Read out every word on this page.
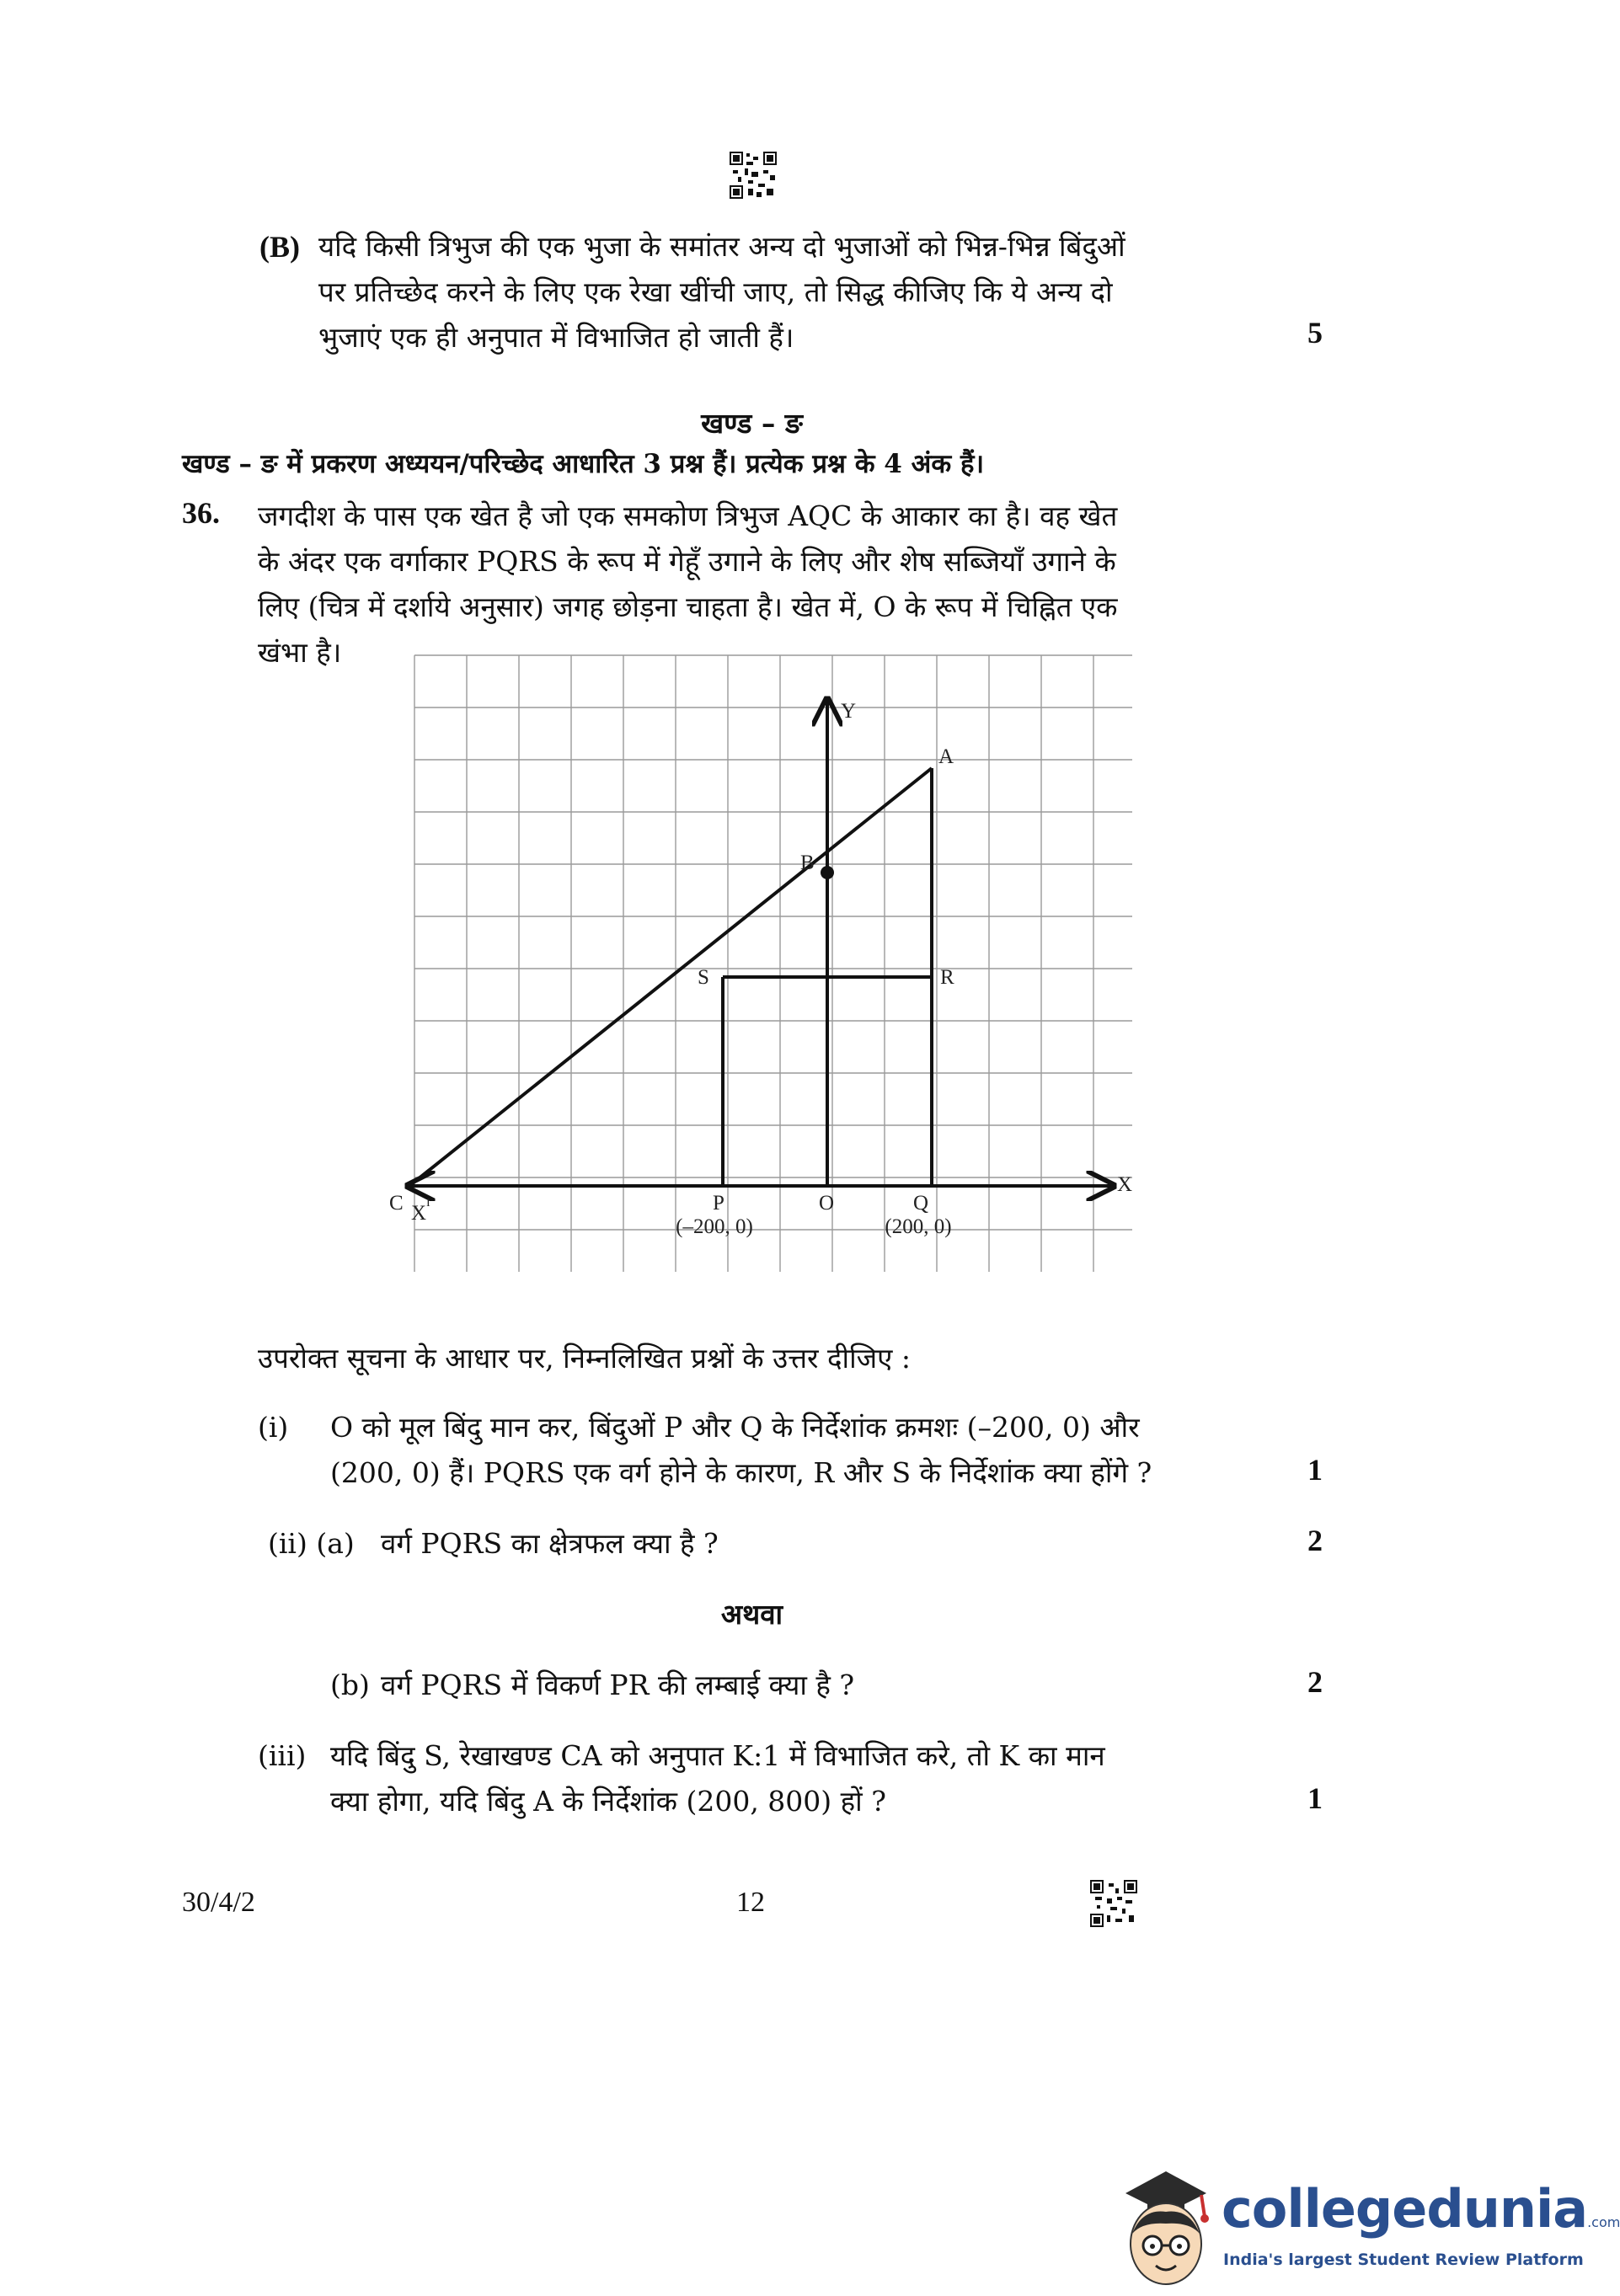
(B) यदि किसी त्रिभुज की एक भुजा के समांतर अन्य दो भुजाओं को भिन्न-भिन्न बिंदुओं
पर प्रतिच्छेद करने के लिए एक रेखा खींची जाए, तो सिद्ध कीजिए कि ये अन्य दो
भुजाएं एक ही अनुपात में विभाजित हो जाती हैं।	5
खण्ड – ङ
खण्ड – ङ में प्रकरण अध्ययन/परिच्छेद आधारित 3 प्रश्न हैं। प्रत्येक प्रश्न के 4 अंक हैं।
36. जगदीश के पास एक खेत है जो एक समकोण त्रिभुज AQC के आकार का है। वह खेत
के अंदर एक वर्गाकार PQRS के रूप में गेहूँ उगाने के लिए और शेष सब्जियाँ उगाने के
लिए (चित्र में दर्शाये अनुसार) जगह छोड़ना चाहता है। खेत में, O के रूप में चिह्नित एक
खंभा है।
A
B
C
S	R
P	Q
O
X
Y
X I
(–200, 0)	(200, 0)
उपरोक्त सूचना के आधार पर, निम्नलिखित प्रश्नों के उत्तर दीजिए :
(i) O को मूल बिंदु मान कर, बिंदुओं P और Q के निर्देशांक क्रमशः (–200, 0) और
(200, 0) हैं। PQRS एक वर्ग होने के कारण, R और S के निर्देशांक क्या होंगे ?	1
(ii) (a) वर्ग PQRS का क्षेत्रफल क्या है ?	2
अथवा
(b) वर्ग PQRS में विकर्ण PR की लम्बाई क्या है ?	2
(iii) यदि बिंदु S, रेखाखण्ड CA को अनुपात K:1 में विभाजित करे, तो K का मान
क्या होगा, यदि बिंदु A के निर्देशांक (200, 800) हों ?	1
30/4/2	12
collegedunia.com
India's largest Student Review Platform
